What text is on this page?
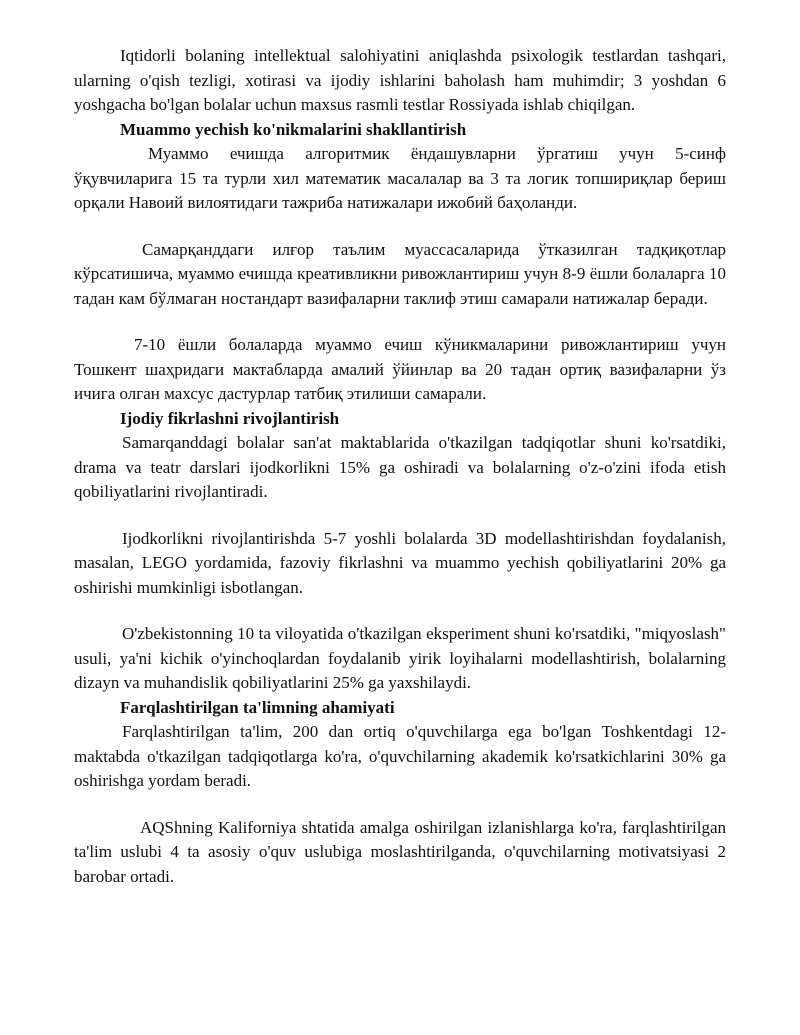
Iqtidorli bolaning intellektual salohiyatini aniqlashda psixologik testlardan tashqari, ularning o'qish tezligi, xotirasi va ijodiy ishlarini baholash ham muhimdir; 3 yoshdan 6 yoshgacha bo'lgan bolalar uchun maxsus rasmli testlar Rossiyada ishlab chiqilgan.

Muammo yechish ko'nikmalarini shakllantirish

Муаммо ечишда алгоритмик ёндашувларни ўргатиш учун 5-синф ўқувчиларига 15 та турли хил математик масалалар ва 3 та логик топшириқлар бериш орқали Навоий вилоятидаги тажриба натижалари ижобий баҳоланди.

Самарқанддаги илғор таълим муассасаларида ўтказилган тадқиқотлар кўрсатишича, муаммо ечишда креативликни ривожлантириш учун 8-9 ёшли болаларга 10 тадан кам бўлмаган ностандарт вазифаларни таклиф этиш самарали натижалар беради.

7-10 ёшли болаларда муаммо ечиш кўникмаларини ривожлантириш учун Тошкент шаҳридаги мактабларда амалий ўйинлар ва 20 тадан ортиқ вазифаларни ўз ичига олган махсус дастурлар татбиқ этилиши самарали.

Ijodiy fikrlashni rivojlantirish

Samarqanddagi bolalar san'at maktablarida o'tkazilgan tadqiqotlar shuni ko'rsatdiki, drama va teatr darslari ijodkorlikni 15% ga oshiradi va bolalarning o'z-o'zini ifoda etish qobiliyatlarini rivojlantiradi.

Ijodkorlikni rivojlantirishda 5-7 yoshli bolalarda 3D modellashtirishdan foydalanish, masalan, LEGO yordamida, fazoviy fikrlashni va muammo yechish qobiliyatlarini 20% ga oshirishi mumkinligi isbotlangan.

O'zbekistonning 10 ta viloyatida o'tkazilgan eksperiment shuni ko'rsatdiki, "miqyoslash" usuli, ya'ni kichik o'yinchoqlardan foydalanib yirik loyihalarni modellashtirish, bolalarning dizayn va muhandislik qobiliyatlarini 25% ga yaxshilaydi.

Farqlashtirilgan ta'limning ahamiyati

Farqlashtirilgan ta'lim, 200 dan ortiq o'quvchilarga ega bo'lgan Toshkentdagi 12-maktabda o'tkazilgan tadqiqotlarga ko'ra, o'quvchilarning akademik ko'rsatkichlarini 30% ga oshirishga yordam beradi.

AQShning Kaliforniya shtatida amalga oshirilgan izlanishlarga ko'ra, farqlashtirilgan ta'lim uslubi 4 ta asosiy o'quv uslubiga moslashtirilganda, o'quvchilarning motivatsiyasi 2 barobar ortadi.
